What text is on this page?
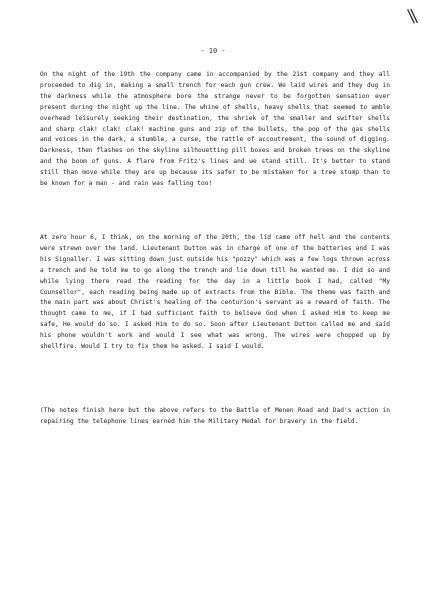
\\
- 10 -

On the night of the 19th the company came in accompanied by the 21st company and they all proceeded to dig in, making a small trench for each gun crew. We laid wires and they dug in the darkness while the atmosphere bore the strange never to be forgotten sensation ever present during the night up the line. The whine of shells, heavy shells that seemed to amble overhead leisurely seeking their destination, the shriek of the smaller and swifter shells and sharp clak! clak! clak! machine guns and zip of the bullets, the pop of the gas shells and voices in the dark, a stumble, a curse, the rattle of accoutrement, the sound of digging. Darkness, then flashes on the skyline silhouetting pill boxes and broken trees on the skyline and the boom of guns. A flare from Fritz's lines and we stand still. It's better to stand still than move while they are up because its safer to be mistaken for a tree stump than to be known for a man - and rain was falling too!

At zero hour 6, I think, on the morning of the 20th, the lid came off hell and the contents were strewn over the land. Lieutenant Dutton was in charge of one of the batteries and I was his Signaller. I was sitting down just outside his "pozzy" which was a few logs thrown across a trench and he told me to go along the trench and lie down till he wanted me. I did so and while lying there read the reading for the day in a little book I had, called "My Counsellor", each reading being made up of extracts from the Bible. The theme was faith and the main part was about Christ's healing of the centurion's servant as a reward of faith. The thought came to me, if I had sufficient faith to believe God when I asked Him to keep me safe, He would do so. I asked Him to do so. Soon after Lieutenant Dutton called me and said his phone wouldn't work and would I see what was wrong. The wires were chopped up by shellfire. Would I try to fix them he asked. I said I would.

(The notes finish here but the above refers to the Battle of Menen Road and Dad's action in repairing the telephone lines earned him the Military Medal for bravery in the field.
